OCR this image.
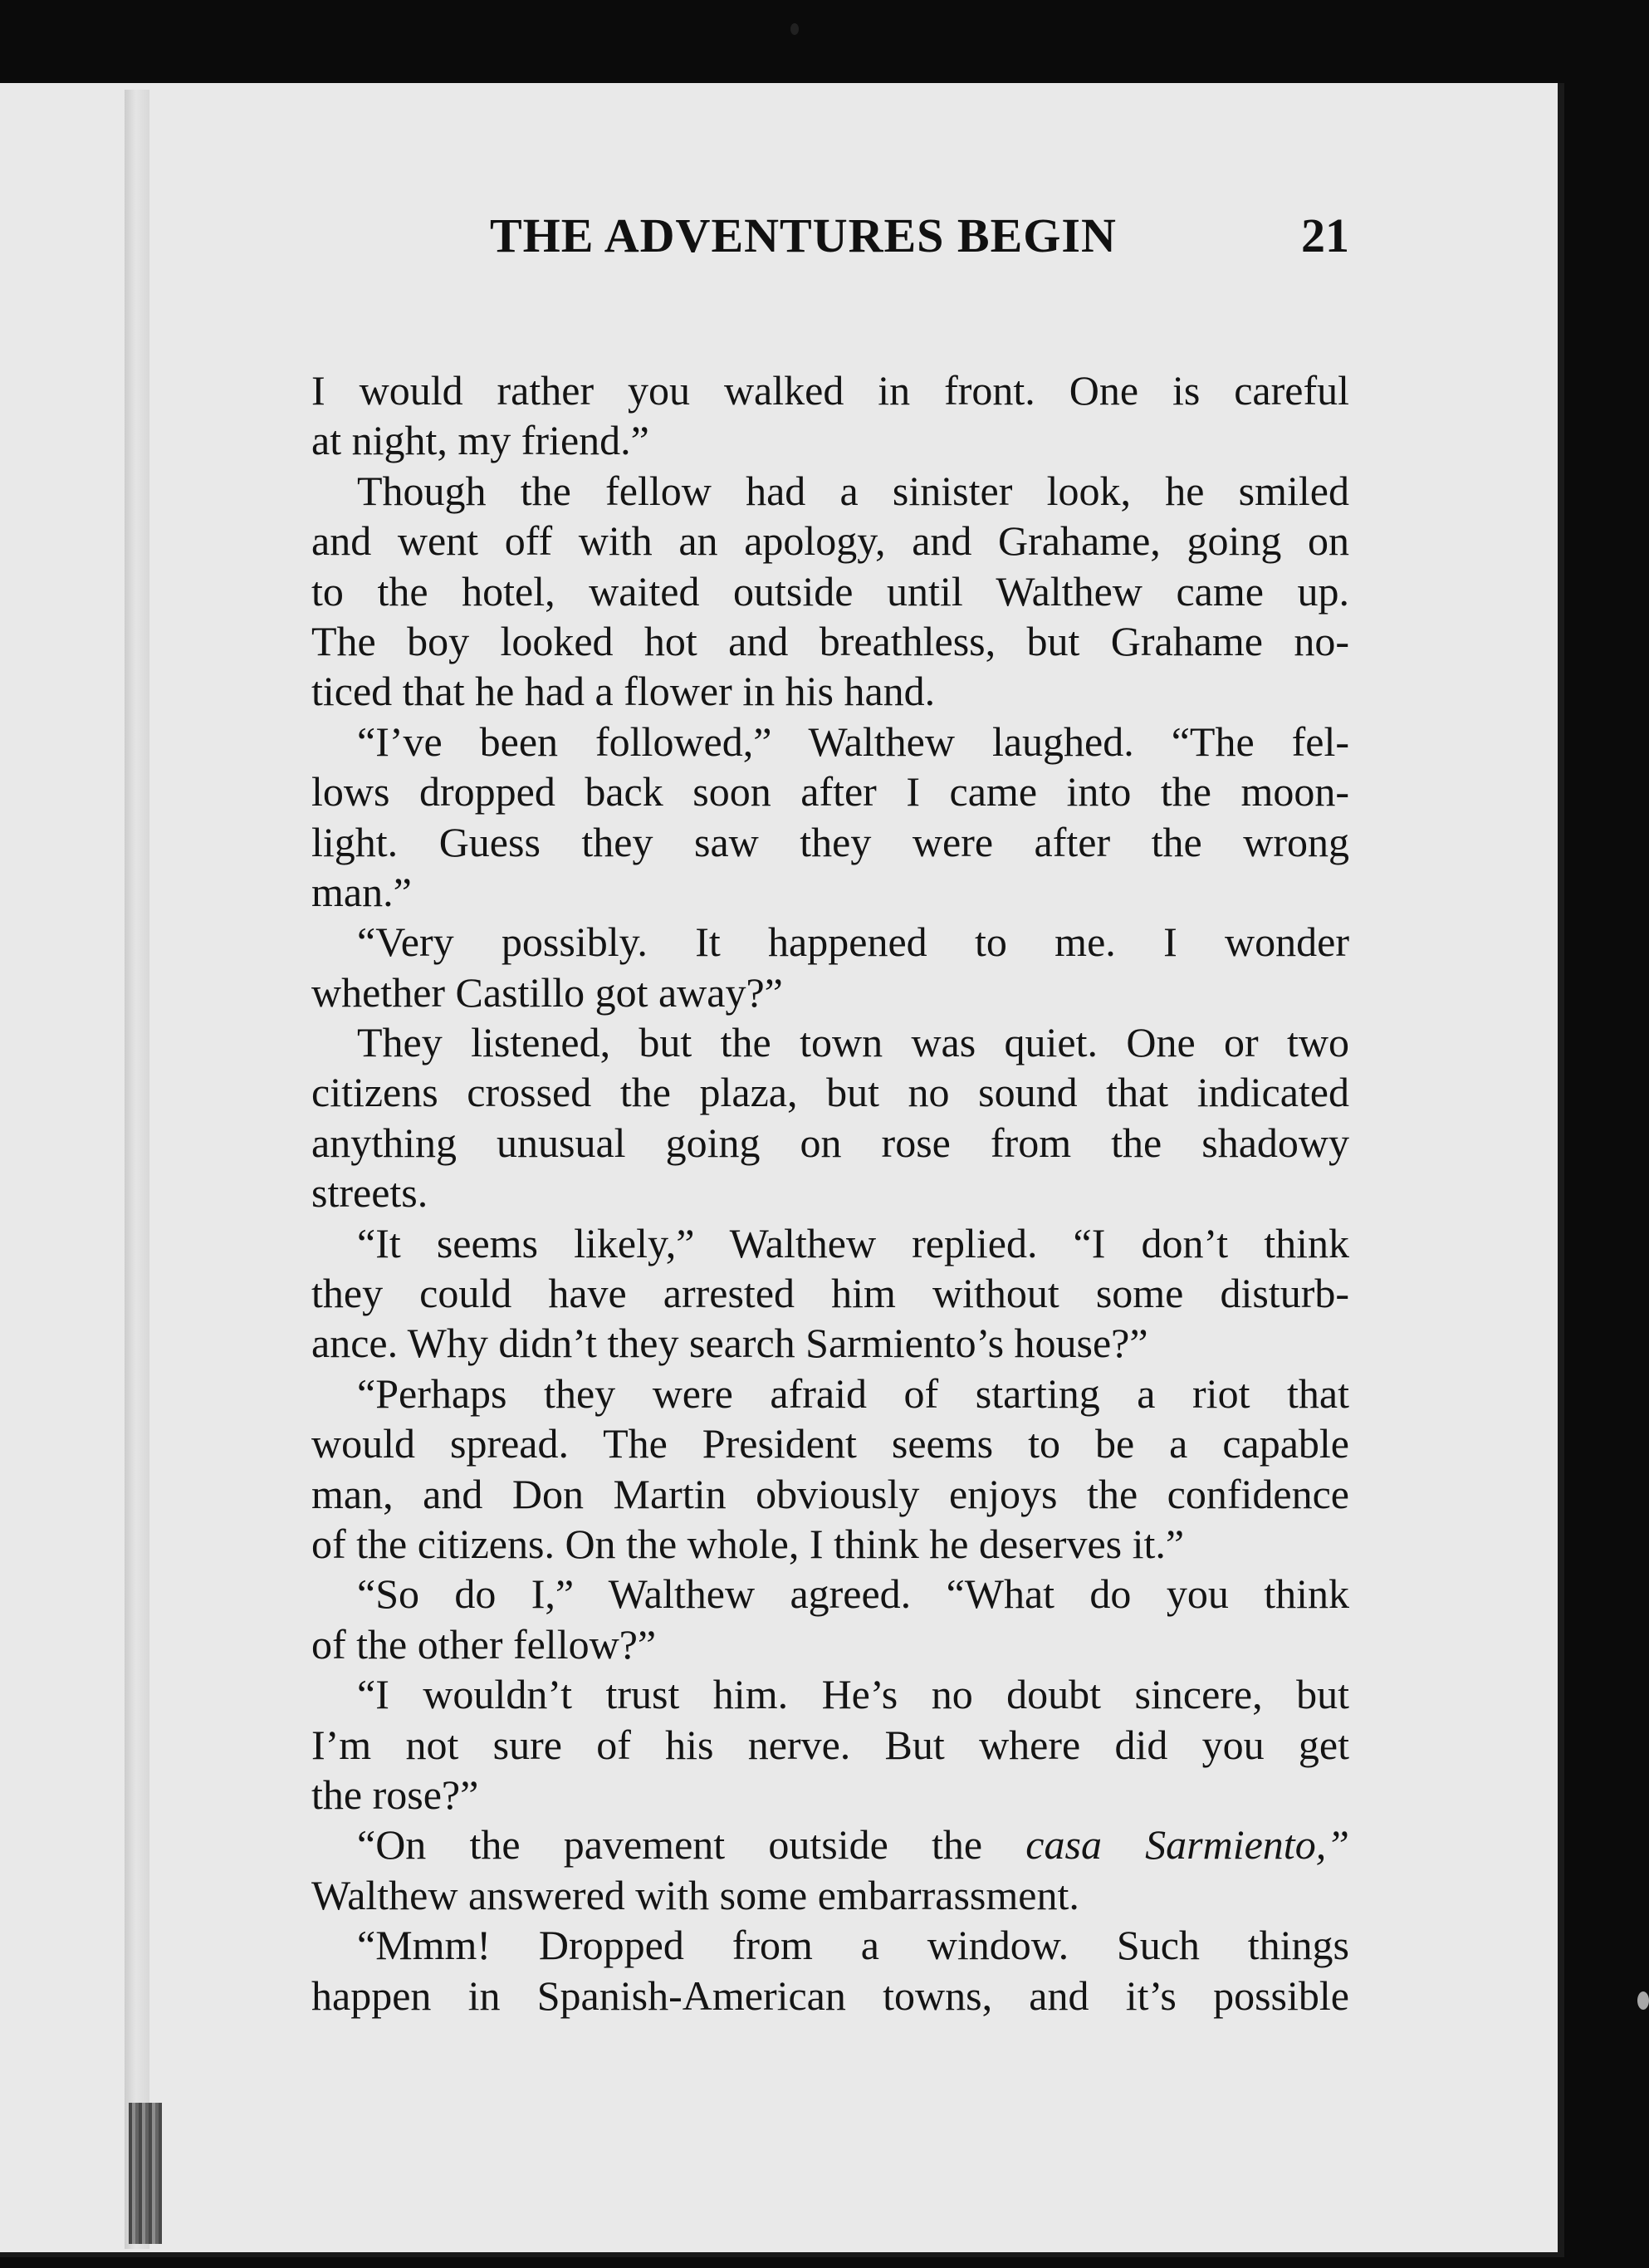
THE ADVENTURES BEGIN	21
I would rather you walked in front. One is careful
at night, my friend.”
Though the fellow had a sinister look, he smiled
and went off with an apology, and Grahame, going on
to the hotel, waited outside until Walthew came up.
The boy looked hot and breathless, but Grahame no-
ticed that he had a flower in his hand.
“I’ve been followed,” Walthew laughed. “The fel-
lows dropped back soon after I came into the moon-
light. Guess they saw they were after the wrong
man.”
“Very possibly. It happened to me. I wonder
whether Castillo got away?”
They listened, but the town was quiet. One or two
citizens crossed the plaza, but no sound that indicated
anything unusual going on rose from the shadowy
streets.
“It seems likely,” Walthew replied. “I don’t think
they could have arrested him without some disturb-
ance. Why didn’t they search Sarmiento’s house?”
“Perhaps they were afraid of starting a riot that
would spread. The President seems to be a capable
man, and Don Martin obviously enjoys the confidence
of the citizens. On the whole, I think he deserves it.”
“So do I,” Walthew agreed. “What do you think
of the other fellow?”
“I wouldn’t trust him. He’s no doubt sincere, but
I’m not sure of his nerve. But where did you get
the rose?”
“On the pavement outside the casa Sarmiento,”
Walthew answered with some embarrassment.
“Mmm! Dropped from a window. Such things
happen in Spanish-American towns, and it’s possible
